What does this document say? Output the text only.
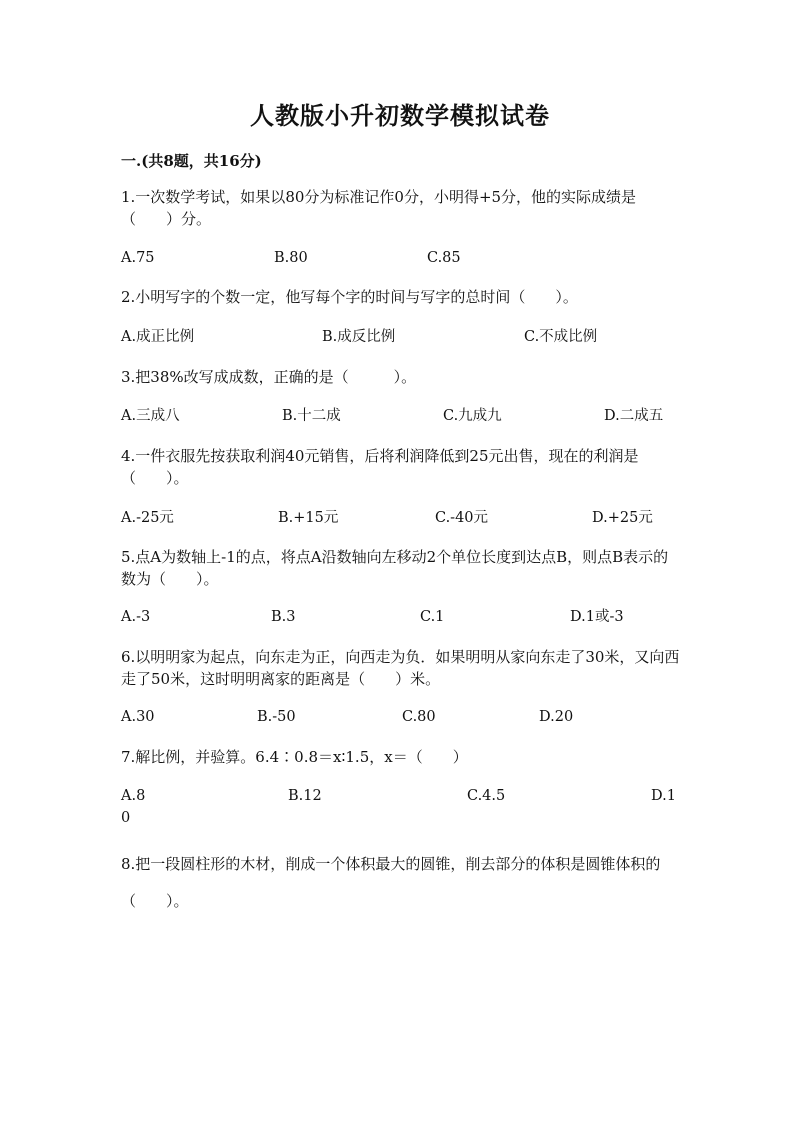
人教版小升初数学模拟试卷
一.(共8题，共16分)
1.一次数学考试，如果以80分为标准记作0分，小明得+5分，他的实际成绩是（　　）分。
A.75	B.80	C.85
2.小明写字的个数一定，他写每个字的时间与写字的总时间（　　）。
A.成正比例	B.成反比例	C.不成比例
3.把38%改写成成数，正确的是（　　　）。
A.三成八	B.十二成	C.九成九	D.二成五
4.一件衣服先按获取利润40元销售，后将利润降低到25元出售，现在的利润是（　　）。
A.-25元	B.+15元	C.-40元	D.+25元
5.点A为数轴上-1的点，将点A沿数轴向左移动2个单位长度到达点B，则点B表示的数为（　　）。
A.-3	B.3	C.1	D.1或-3
6.以明明家为起点，向东走为正，向西走为负．如果明明从家向东走了30米，又向西走了50米，这时明明离家的距离是（　　）米。
A.30	B.-50	C.80	D.20
7.解比例，并验算。6.4∶0.8＝x∶1.5，x＝（　　）
A.8	B.12	C.4.5	D.1
0
8.把一段圆柱形的木材，削成一个体积最大的圆锥，削去部分的体积是圆锥体积的（　　）。
